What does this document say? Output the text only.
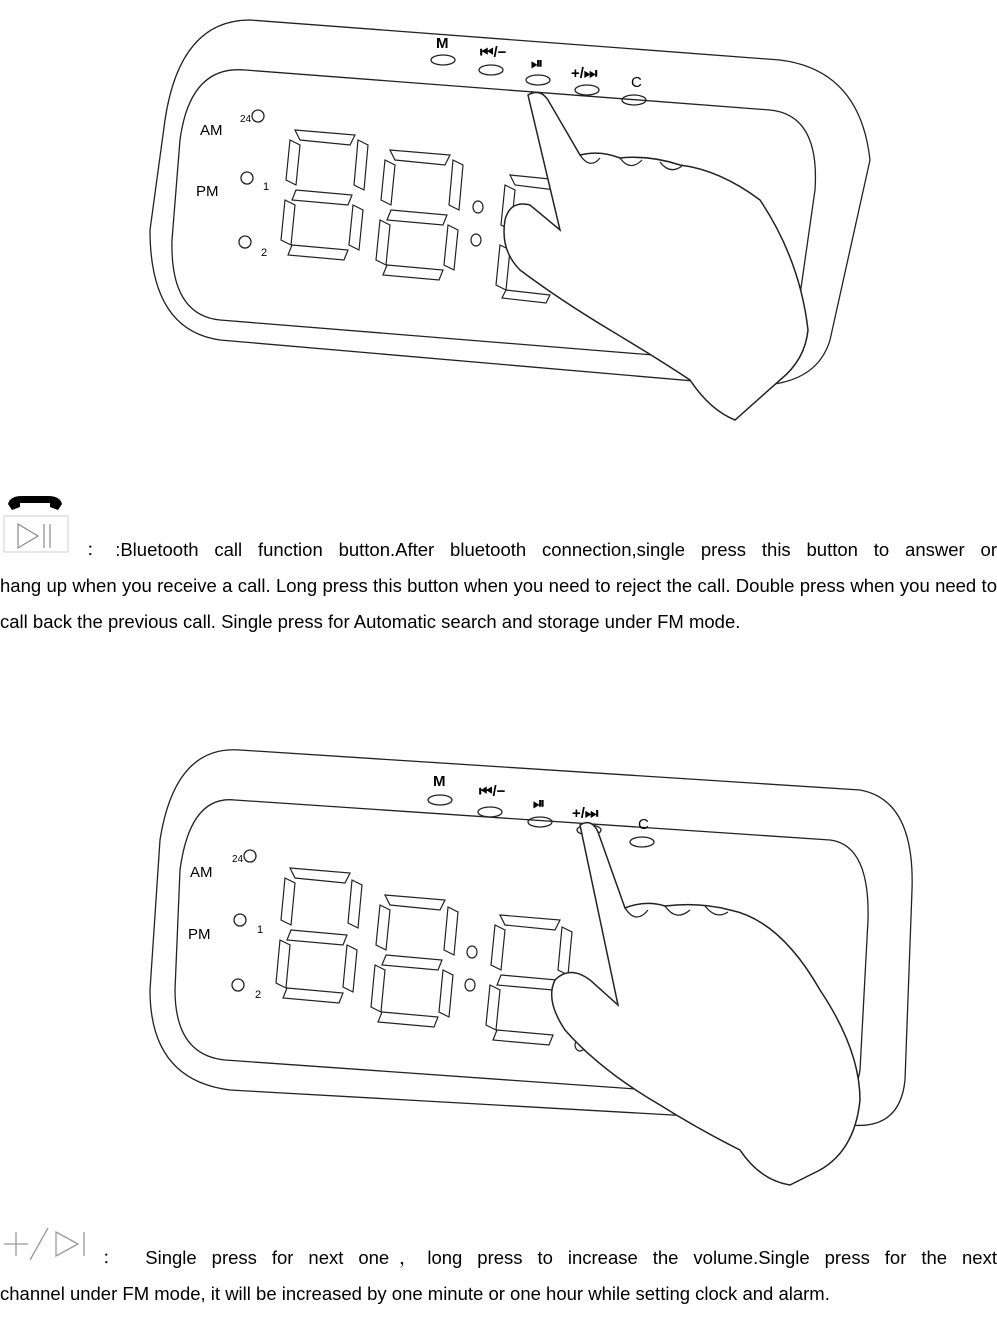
M
⏮/−
⏯
+/⏭
C
AM
PM
24
1
2
：:Bluetooth call function button.After bluetooth connection,single press this button to answer or

hang up when you receive a call. Long press this button when you need to reject the call. Double press when you need to call back the previous call. Single press for Automatic search and storage under FM mode.

M
⏮/−
⏯
+/⏭
C
AM
PM
24
1
2
： Single press for next one，long press to increase the volume.Single press for the next

channel under FM mode, it will be increased by one minute or one hour while setting clock and alarm.
